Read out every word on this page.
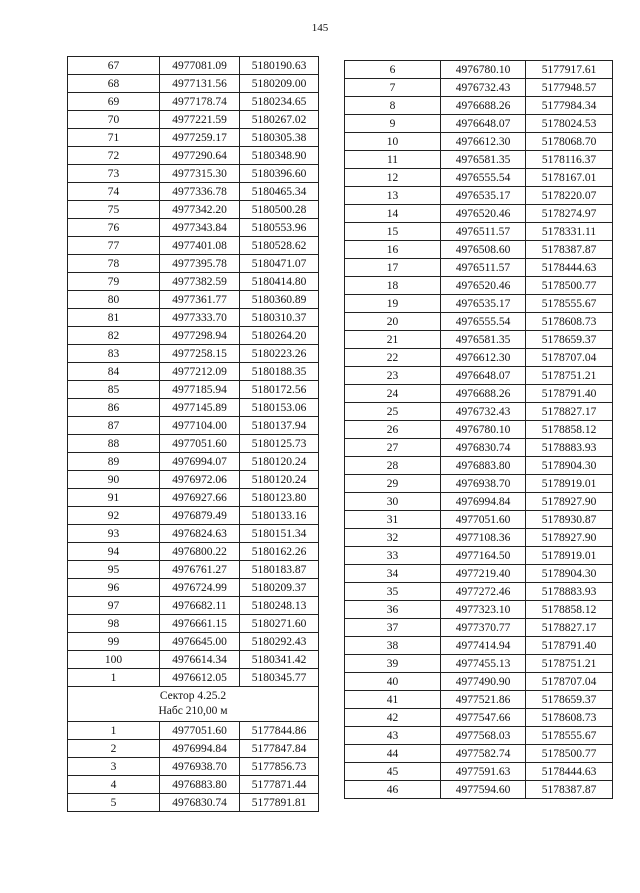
145
67	4977081.09	5180190.63
68	4977131.56	5180209.00
69	4977178.74	5180234.65
70	4977221.59	5180267.02
71	4977259.17	5180305.38
72	4977290.64	5180348.90
73	4977315.30	5180396.60
74	4977336.78	5180465.34
75	4977342.20	5180500.28
76	4977343.84	5180553.96
77	4977401.08	5180528.62
78	4977395.78	5180471.07
79	4977382.59	5180414.80
80	4977361.77	5180360.89
81	4977333.70	5180310.37
82	4977298.94	5180264.20
83	4977258.15	5180223.26
84	4977212.09	5180188.35
85	4977185.94	5180172.56
86	4977145.89	5180153.06
87	4977104.00	5180137.94
88	4977051.60	5180125.73
89	4976994.07	5180120.24
90	4976972.06	5180120.24
91	4976927.66	5180123.80
92	4976879.49	5180133.16
93	4976824.63	5180151.34
94	4976800.22	5180162.26
95	4976761.27	5180183.87
96	4976724.99	5180209.37
97	4976682.11	5180248.13
98	4976661.15	5180271.60
99	4976645.00	5180292.43
100	4976614.34	5180341.42
1	4976612.05	5180345.77

Сектор 4.25.2
Набс 210,00 м		

1	4977051.60	5177844.86
2	4976994.84	5177847.84
3	4976938.70	5177856.73
4	4976883.80	5177871.44
5	4976830.74	5177891.81
6	4976780.10	5177917.61
7	4976732.43	5177948.57
8	4976688.26	5177984.34
9	4976648.07	5178024.53
10	4976612.30	5178068.70
11	4976581.35	5178116.37
12	4976555.54	5178167.01
13	4976535.17	5178220.07
14	4976520.46	5178274.97
15	4976511.57	5178331.11
16	4976508.60	5178387.87
17	4976511.57	5178444.63
18	4976520.46	5178500.77
19	4976535.17	5178555.67
20	4976555.54	5178608.73
21	4976581.35	5178659.37
22	4976612.30	5178707.04
23	4976648.07	5178751.21
24	4976688.26	5178791.40
25	4976732.43	5178827.17
26	4976780.10	5178858.12
27	4976830.74	5178883.93
28	4976883.80	5178904.30
29	4976938.70	5178919.01
30	4976994.84	5178927.90
31	4977051.60	5178930.87
32	4977108.36	5178927.90
33	4977164.50	5178919.01
34	4977219.40	5178904.30
35	4977272.46	5178883.93
36	4977323.10	5178858.12
37	4977370.77	5178827.17
38	4977414.94	5178791.40
39	4977455.13	5178751.21
40	4977490.90	5178707.04
41	4977521.86	5178659.37
42	4977547.66	5178608.73
43	4977568.03	5178555.67
44	4977582.74	5178500.77
45	4977591.63	5178444.63
46	4977594.60	5178387.87
